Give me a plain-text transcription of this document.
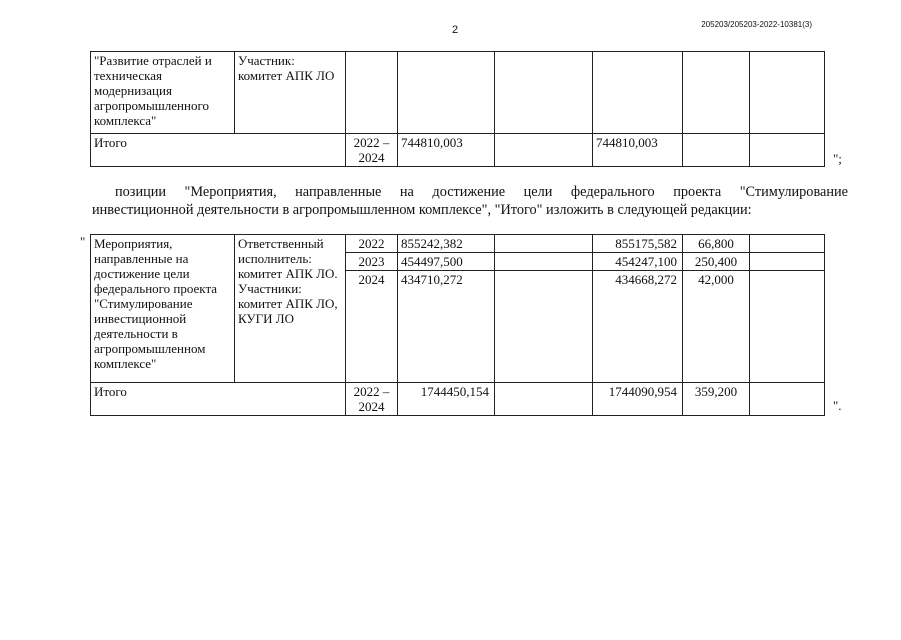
2	205203/205203-2022-10381(3)
"Развитие отраслей и техническая модернизация агропромышленного комплекса"	Участник: комитет АПК ЛО						
Итого		2022 – 2024	744810,003		744810,003		
";

позиции "Мероприятия, направленные на достижение цели федерального проекта "Стимулирование

инвестиционной деятельности в агропромышленном комплексе", "Итого" изложить в следующей редакции:

" Мероприятия, направленные на достижение цели федерального проекта "Стимулирование инвестиционной деятельности в агропромышленном комплексе"	Ответственный исполнитель: комитет АПК ЛО. Участники: комитет АПК ЛО, КУГИ ЛО	2022	855242,382		855175,582	66,800	
		2023	454497,500		454247,100	250,400	
		2024	434710,272		434668,272	42,000	
Итого		2022 – 2024	1744450,154		1744090,954	359,200	
".
